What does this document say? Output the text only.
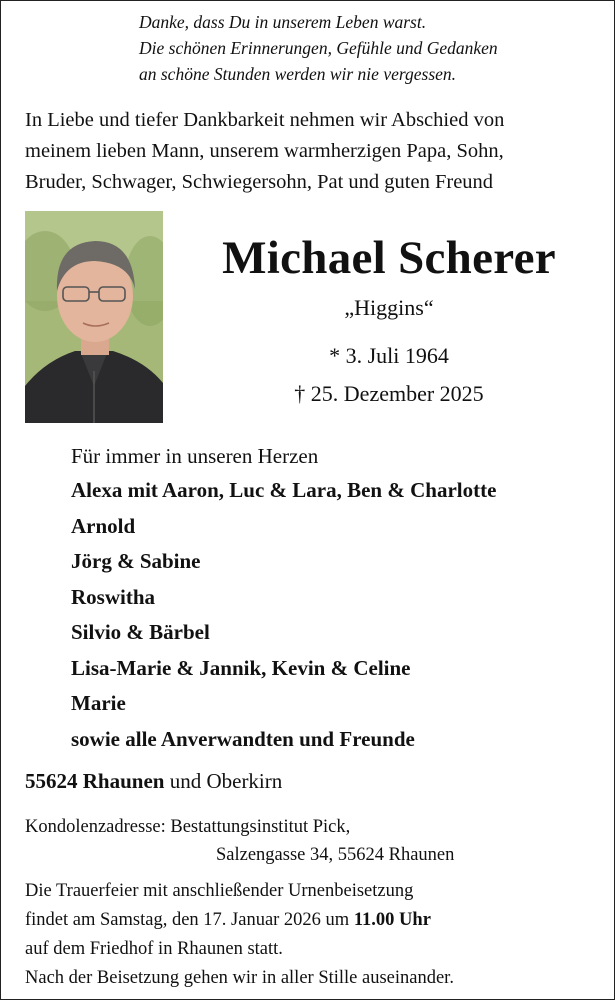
Danke, dass Du in unserem Leben warst.
Die schönen Erinnerungen, Gefühle und Gedanken
an schöne Stunden werden wir nie vergessen.
In Liebe und tiefer Dankbarkeit nehmen wir Abschied von
meinem lieben Mann, unserem warmherzigen Papa, Sohn,
Bruder, Schwager, Schwiegersohn, Pat und guten Freund
Michael Scherer
„Higgins“
* 3. Juli 1964
† 25. Dezember 2025
Für immer in unseren Herzen
Alexa mit Aaron, Luc & Lara, Ben & Charlotte
Arnold
Jörg & Sabine
Roswitha
Silvio & Bärbel
Lisa-Marie & Jannik, Kevin & Celine
Marie
sowie alle Anverwandten und Freunde
55624 Rhaunen und Oberkirn
Kondolenzadresse: Bestattungsinstitut Pick,
Salzengasse 34, 55624 Rhaunen
Die Trauerfeier mit anschließender Urnenbeisetzung
findet am Samstag, den 17. Januar 2026 um 11.00 Uhr
auf dem Friedhof in Rhaunen statt.
Nach der Beisetzung gehen wir in aller Stille auseinander.
